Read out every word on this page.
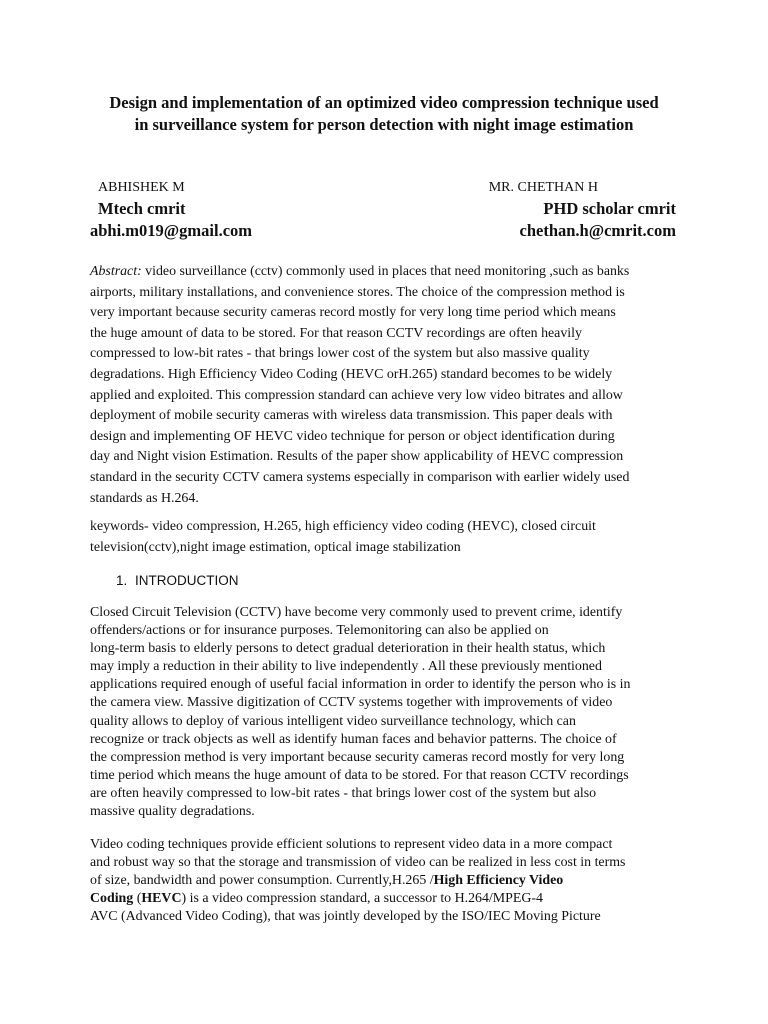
Design and implementation of an optimized video compression technique used
in surveillance system for person detection with night image estimation
ABHISHEK M
Mtech cmrit
abhi.m019@gmail.com
MR. CHETHAN H
PHD scholar cmrit
chethan.h@cmrit.com
Abstract: video surveillance (cctv) commonly used in places that need monitoring ,such as banks
airports, military installations, and convenience stores. The choice of the compression method is
very important because security cameras record mostly for very long time period which means
the huge amount of data to be stored. For that reason CCTV recordings are often heavily
compressed to low-bit rates - that brings lower cost of the system but also massive quality
degradations. High Efficiency Video Coding (HEVC orH.265) standard becomes to be widely
applied and exploited. This compression standard can achieve very low video bitrates and allow
deployment of mobile security cameras with wireless data transmission. This paper deals with
design and implementing OF HEVC video technique for person or object identification during
day and Night vision Estimation. Results of the paper show applicability of HEVC compression
standard in the security CCTV camera systems especially in comparison with earlier widely used
standards as H.264.
keywords- video compression, H.265, high efficiency video coding (HEVC), closed circuit
television(cctv),night image estimation, optical image stabilization
1. INTRODUCTION
Closed Circuit Television (CCTV) have become very commonly used to prevent crime, identify
offenders/actions or for insurance purposes. Telemonitoring can also be applied on
long-term basis to elderly persons to detect gradual deterioration in their health status, which
may imply a reduction in their ability to live independently . All these previously mentioned
applications required enough of useful facial information in order to identify the person who is in
the camera view. Massive digitization of CCTV systems together with improvements of video
quality allows to deploy of various intelligent video surveillance technology, which can
recognize or track objects as well as identify human faces and behavior patterns. The choice of
the compression method is very important because security cameras record mostly for very long
time period which means the huge amount of data to be stored. For that reason CCTV recordings
are often heavily compressed to low-bit rates - that brings lower cost of the system but also
massive quality degradations.
Video coding techniques provide efficient solutions to represent video data in a more compact
and robust way so that the storage and transmission of video can be realized in less cost in terms
of size, bandwidth and power consumption. Currently,H.265 /High Efficiency Video
Coding (HEVC) is a video compression standard, a successor to H.264/MPEG-4
AVC (Advanced Video Coding), that was jointly developed by the ISO/IEC Moving Picture
